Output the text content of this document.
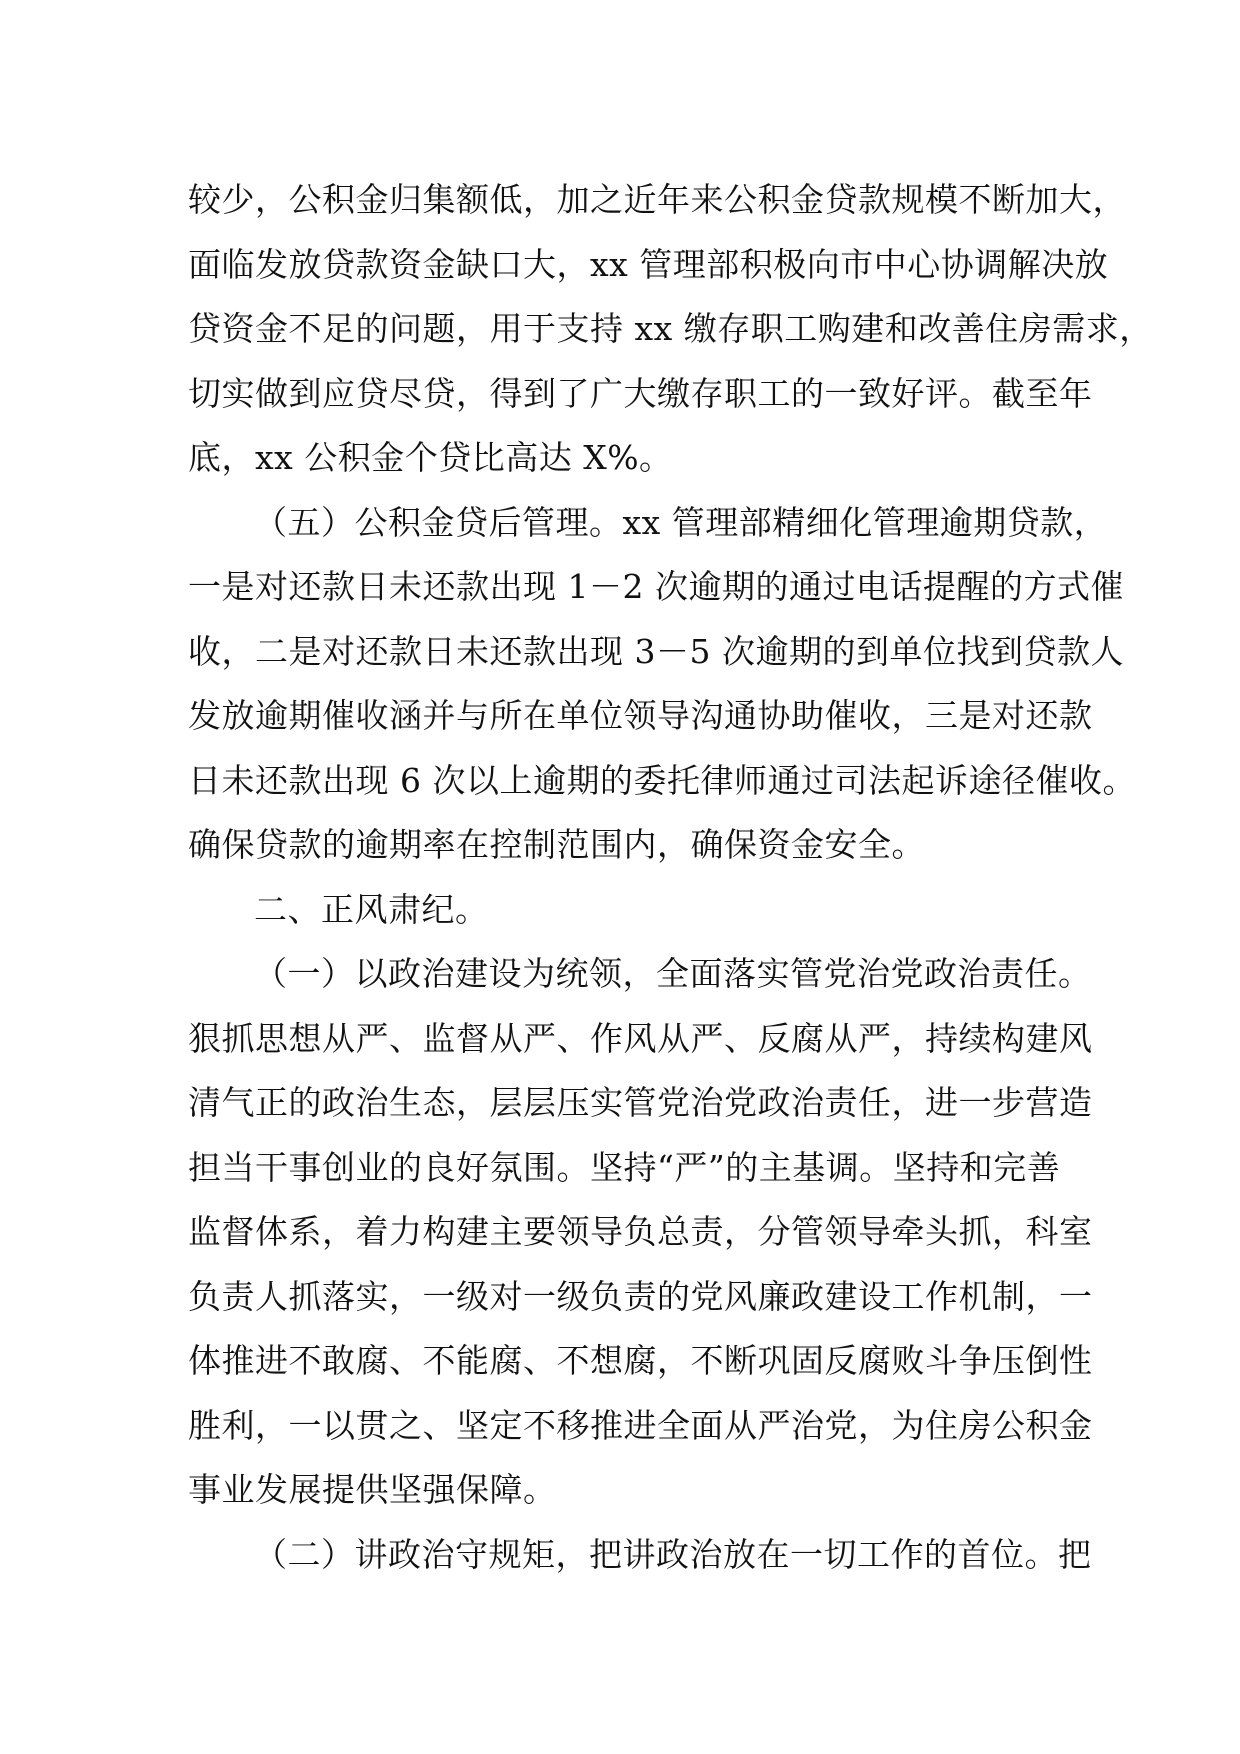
较少，公积金归集额低，加之近年来公积金贷款规模不断加大，
面临发放贷款资金缺口大，xx 管理部积极向市中心协调解决放
贷资金不足的问题，用于支持 xx 缴存职工购建和改善住房需求，
切实做到应贷尽贷，得到了广大缴存职工的一致好评。截至年
底，xx 公积金个贷比高达 X%。
（五）公积金贷后管理。xx 管理部精细化管理逾期贷款，
一是对还款日未还款出现 1－2 次逾期的通过电话提醒的方式催
收，二是对还款日未还款出现 3－5 次逾期的到单位找到贷款人
发放逾期催收涵并与所在单位领导沟通协助催收，三是对还款
日未还款出现 6 次以上逾期的委托律师通过司法起诉途径催收。
确保贷款的逾期率在控制范围内，确保资金安全。
二、正风肃纪。
（一）以政治建设为统领，全面落实管党治党政治责任。
狠抓思想从严、监督从严、作风从严、反腐从严，持续构建风
清气正的政治生态，层层压实管党治党政治责任，进一步营造
担当干事创业的良好氛围。坚持“严”的主基调。坚持和完善
监督体系，着力构建主要领导负总责，分管领导牵头抓，科室
负责人抓落实，一级对一级负责的党风廉政建设工作机制，一
体推进不敢腐、不能腐、不想腐，不断巩固反腐败斗争压倒性
胜利，一以贯之、坚定不移推进全面从严治党，为住房公积金
事业发展提供坚强保障。
（二）讲政治守规矩，把讲政治放在一切工作的首位。把
